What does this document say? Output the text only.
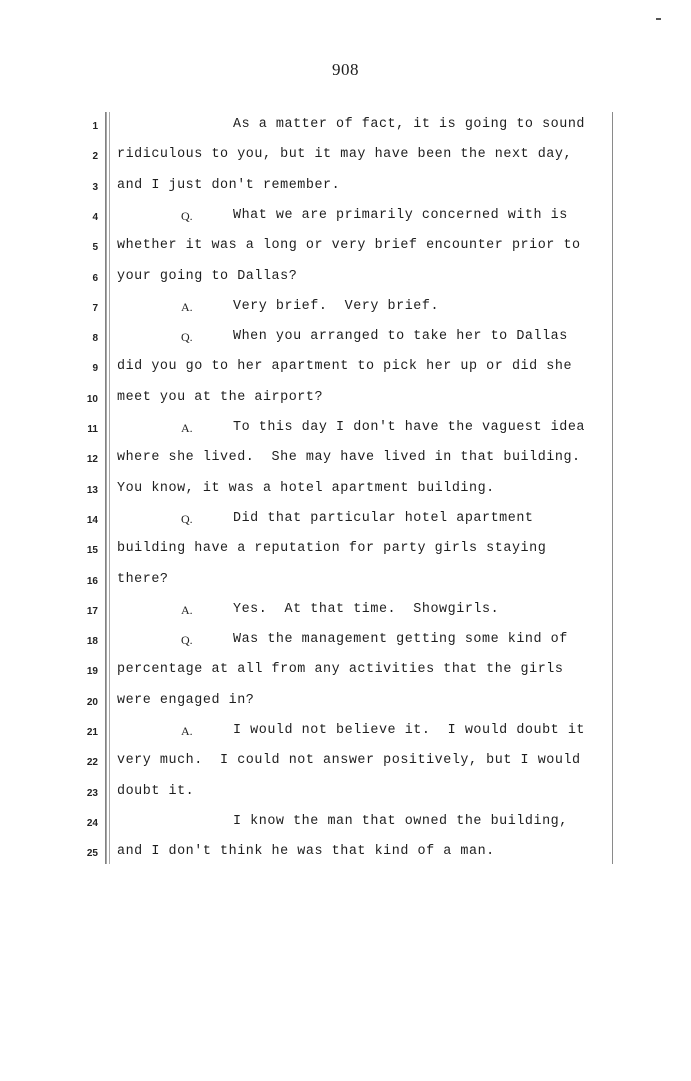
908
1	As a matter of fact, it is going to sound
2 ridiculous to you, but it may have been the next day,
3 and I just don't remember.
4	Q.	What we are primarily concerned with is
5 whether it was a long or very brief encounter prior to
6 your going to Dallas?
7	A.	Very brief.  Very brief.
8	Q.	When you arranged to take her to Dallas
9 did you go to her apartment to pick her up or did she
10 meet you at the airport?
11	A.	To this day I don't have the vaguest idea
12 where she lived.  She may have lived in that building.
13 You know, it was a hotel apartment building.
14	Q.	Did that particular hotel apartment
15 building have a reputation for party girls staying
16 there?
17	A.	Yes.  At that time.  Showgirls.
18	Q.	Was the management getting some kind of
19 percentage at all from any activities that the girls
20 were engaged in?
21	A.	I would not believe it.  I would doubt it
22 very much.  I could not answer positively, but I would
23 doubt it.
24	I know the man that owned the building,
25 and I don't think he was that kind of a man.
